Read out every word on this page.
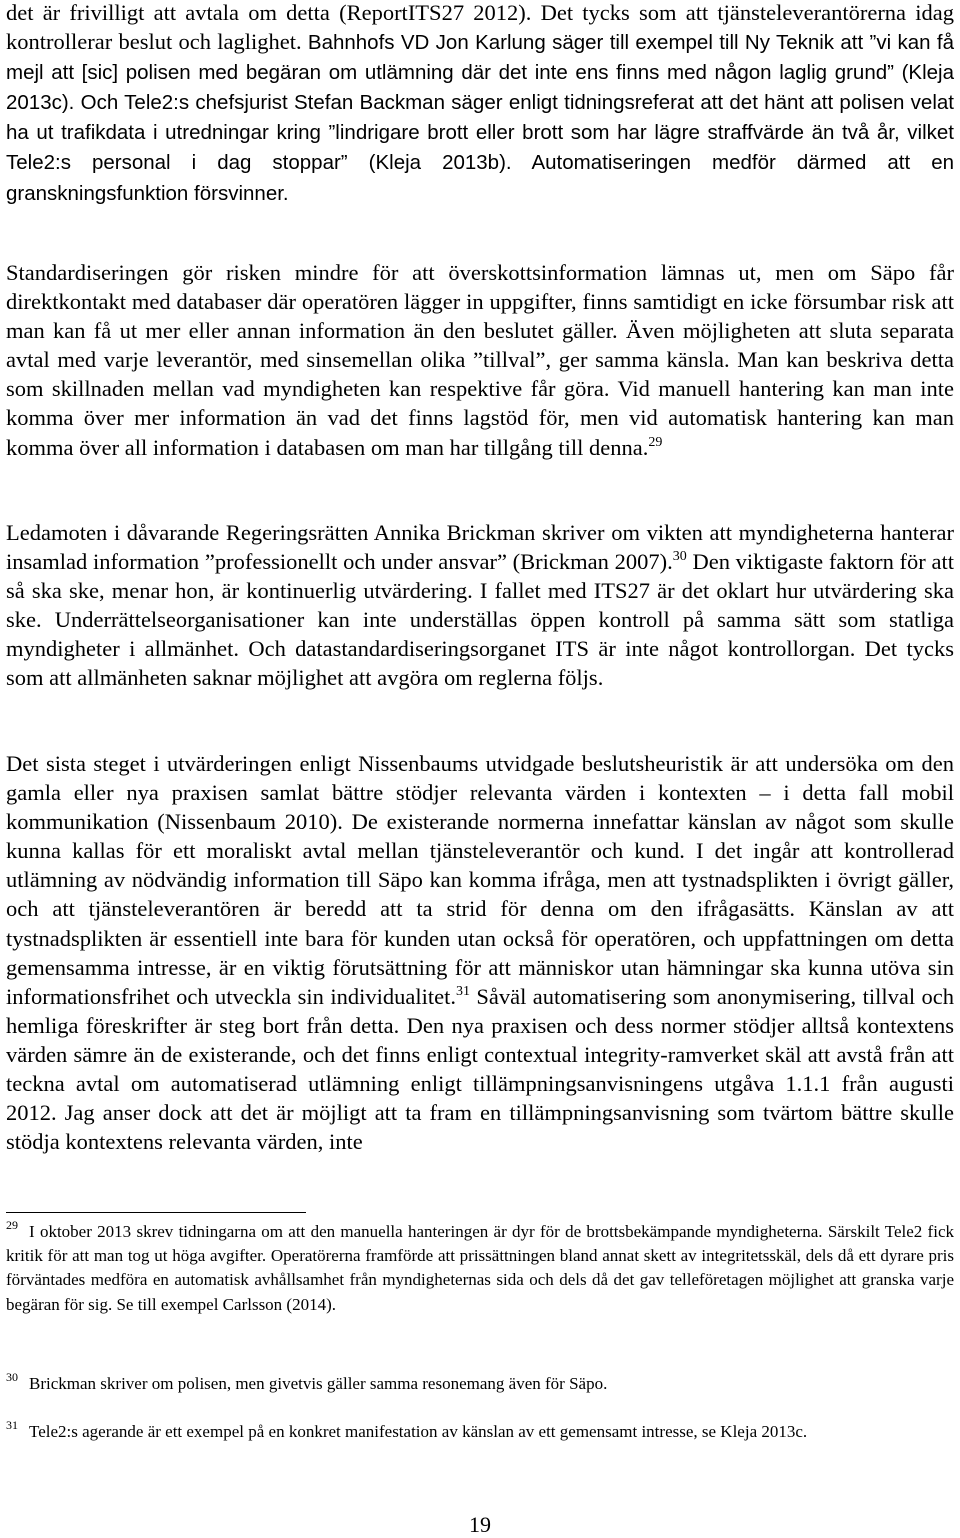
det är frivilligt att avtala om detta (ReportITS27 2012). Det tycks som att tjänsteleverantörerna idag kontrollerar beslut och laglighet. Bahnhofs VD Jon Karlung säger till exempel till Ny Teknik att ”vi kan få mejl att [sic] polisen med begäran om utlämning där det inte ens finns med någon laglig grund” (Kleja 2013c). Och Tele2:s chefsjurist Stefan Backman säger enligt tidningsreferat att det hänt att polisen velat ha ut trafikdata i utredningar kring ”lindrigare brott eller brott som har lägre straffvärde än två år, vilket Tele2:s personal i dag stoppar” (Kleja 2013b). Automatiseringen medför därmed att en granskningsfunktion försvinner.

Standardiseringen gör risken mindre för att överskottsinformation lämnas ut, men om Säpo får direktkontakt med databaser där operatören lägger in uppgifter, finns samtidigt en icke försumbar risk att man kan få ut mer eller annan information än den beslutet gäller. Även möjligheten att sluta separata avtal med varje leverantör, med sinsemellan olika ”tillval”, ger samma känsla. Man kan beskriva detta som skillnaden mellan vad myndigheten kan respektive får göra. Vid manuell hantering kan man inte komma över mer information än vad det finns lagstöd för, men vid automatisk hantering kan man komma över all information i databasen om man har tillgång till denna.$^{29}$

Ledamoten i dåvarande Regeringsrätten Annika Brickman skriver om vikten att myndigheterna hanterar insamlad information ”professionellt och under ansvar” (Brickman 2007).$^{30}$ Den viktigaste faktorn för att så ska ske, menar hon, är kontinuerlig utvärdering. I fallet med ITS27 är det oklart hur utvärdering ska ske. Underrättelseorganisationer kan inte underställas öppen kontroll på samma sätt som statliga myndigheter i allmänhet. Och datastandardiseringsorganet ITS är inte något kontrollorgan. Det tycks som att allmänheten saknar möjlighet att avgöra om reglerna följs.

Det sista steget i utvärderingen enligt Nissenbaums utvidgade beslutsheuristik är att undersöka om den gamla eller nya praxisen samlat bättre stödjer relevanta värden i kontexten – i detta fall mobil kommunikation (Nissenbaum 2010). De existerande normerna innefattar känslan av något som skulle kunna kallas för ett moraliskt avtal mellan tjänsteleverantör och kund. I det ingår att kontrollerad utlämning av nödvändig information till Säpo kan komma ifråga, men att tystnadsplikten i övrigt gäller, och att tjänsteleverantören är beredd att ta strid för denna om den ifrågasätts. Känslan av att tystnadsplikten är essentiell inte bara för kunden utan också för operatören, och uppfattningen om detta gemensamma intresse, är en viktig förutsättning för att människor utan hämningar ska kunna utöva sin informationsfrihet och utveckla sin individualitet.$^{31}$ Såväl automatisering som anonymisering, tillval och hemliga föreskrifter är steg bort från detta. Den nya praxisen och dess normer stödjer alltså kontextens värden sämre än de existerande, och det finns enligt contextual integrity-ramverket skäl att avstå från att teckna avtal om automatiserad utlämning enligt tillämpningsanvisningens utgåva 1.1.1 från augusti 2012. Jag anser dock att det är möjligt att ta fram en tillämpningsanvisning som tvärtom bättre skulle stödja kontextens relevanta värden, inte

$^{29}$ I oktober 2013 skrev tidningarna om att den manuella hanteringen är dyr för de brottsbekämpande myndigheterna. Särskilt Tele2 fick kritik för att man tog ut höga avgifter. Operatörerna framförde att prissättningen bland annat skett av integritetsskäl, dels då ett dyrare pris förväntades medföra en automatisk avhållsamhet från myndigheternas sida och dels då det gav telleföretagen möjlighet att granska varje begäran för sig. Se till exempel Carlsson (2014).

$^{30}$ Brickman skriver om polisen, men givetvis gäller samma resonemang även för Säpo.

$^{31}$ Tele2:s agerande är ett exempel på en konkret manifestation av känslan av ett gemensamt intresse, se Kleja 2013c.

19
